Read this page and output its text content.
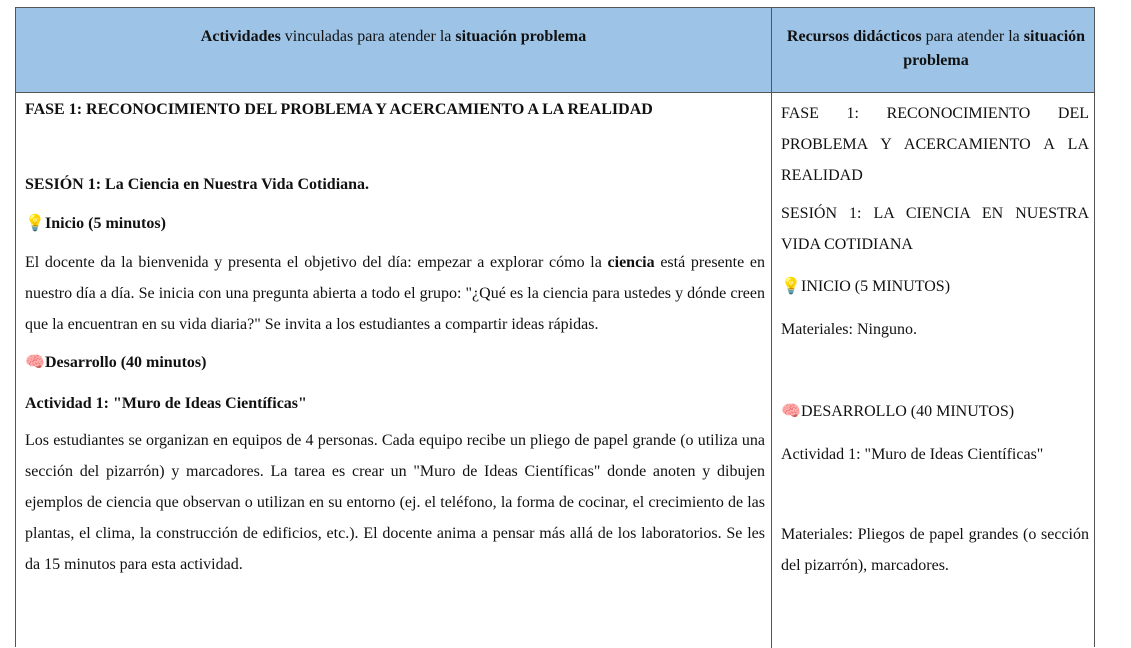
Actividades vinculadas para atender la situación problema	Recursos didácticos para atender la situación problema

FASE 1: RECONOCIMIENTO DEL PROBLEMA Y ACERCAMIENTO A LA REALIDAD

SESIÓN 1: La Ciencia en Nuestra Vida Cotidiana.

💡Inicio (5 minutos)

El docente da la bienvenida y presenta el objetivo del día: empezar a explorar cómo la ciencia está presente en nuestro día a día. Se inicia con una pregunta abierta a todo el grupo: "¿Qué es la ciencia para ustedes y dónde creen que la encuentran en su vida diaria?" Se invita a los estudiantes a compartir ideas rápidas.

🧠Desarrollo (40 minutos)

Actividad 1: "Muro de Ideas Científicas"

Los estudiantes se organizan en equipos de 4 personas. Cada equipo recibe un pliego de papel grande (o utiliza una sección del pizarrón) y marcadores. La tarea es crear un "Muro de Ideas Científicas" donde anoten y dibujen ejemplos de ciencia que observan o utilizan en su entorno (ej. el teléfono, la forma de cocinar, el crecimiento de las plantas, el clima, la construcción de edificios, etc.). El docente anima a pensar más allá de los laboratorios. Se les da 15 minutos para esta actividad.

FASE 1: RECONOCIMIENTO DEL PROBLEMA Y ACERCAMIENTO A LA REALIDAD

SESIÓN 1: LA CIENCIA EN NUESTRA VIDA COTIDIANA

💡INICIO (5 MINUTOS)

Materiales: Ninguno.

🧠DESARROLLO (40 MINUTOS)

Actividad 1: "Muro de Ideas Científicas"

Materiales: Pliegos de papel grandes (o sección del pizarrón), marcadores.
